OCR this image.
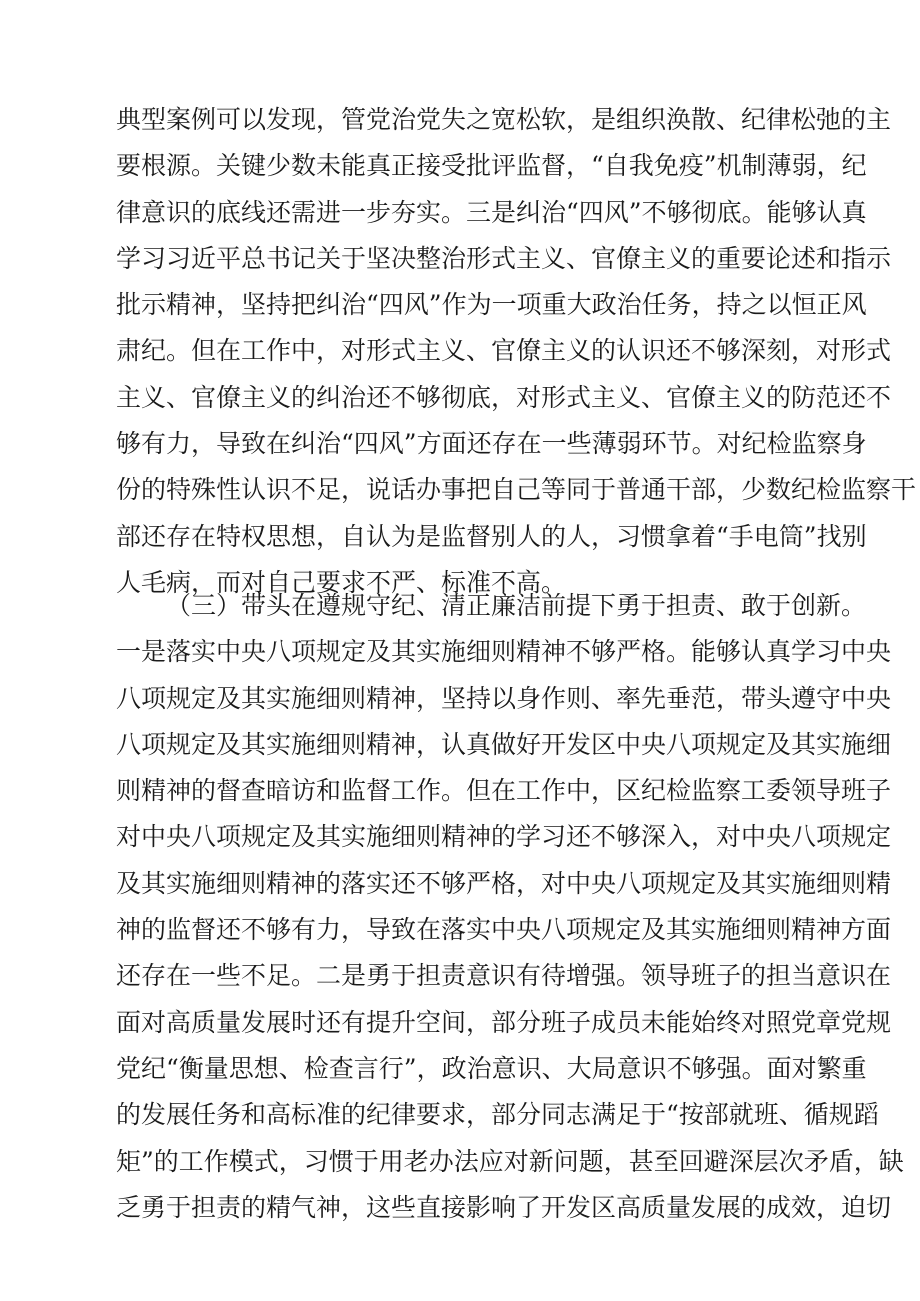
典型案例可以发现，管党治党失之宽松软，是组织涣散、纪律松弛的主
要根源。关键少数未能真正接受批评监督，“自我免疫”机制薄弱，纪
律意识的底线还需进一步夯实。三是纠治“四风”不够彻底。能够认真
学习习近平总书记关于坚决整治形式主义、官僚主义的重要论述和指示
批示精神，坚持把纠治“四风”作为一项重大政治任务，持之以恒正风
肃纪。但在工作中，对形式主义、官僚主义的认识还不够深刻，对形式
主义、官僚主义的纠治还不够彻底，对形式主义、官僚主义的防范还不
够有力，导致在纠治“四风”方面还存在一些薄弱环节。对纪检监察身
份的特殊性认识不足，说话办事把自己等同于普通干部，少数纪检监察干
部还存在特权思想，自认为是监督别人的人，习惯拿着“手电筒”找别
人毛病，而对自己要求不严、标准不高。

（三）带头在遵规守纪、清正廉洁前提下勇于担责、敢于创新。
一是落实中央八项规定及其实施细则精神不够严格。能够认真学习中央
八项规定及其实施细则精神，坚持以身作则、率先垂范，带头遵守中央
八项规定及其实施细则精神，认真做好开发区中央八项规定及其实施细
则精神的督查暗访和监督工作。但在工作中，区纪检监察工委领导班子
对中央八项规定及其实施细则精神的学习还不够深入，对中央八项规定
及其实施细则精神的落实还不够严格，对中央八项规定及其实施细则精
神的监督还不够有力，导致在落实中央八项规定及其实施细则精神方面
还存在一些不足。二是勇于担责意识有待增强。领导班子的担当意识在
面对高质量发展时还有提升空间，部分班子成员未能始终对照党章党规
党纪“衡量思想、检查言行”，政治意识、大局意识不够强。面对繁重
的发展任务和高标准的纪律要求，部分同志满足于“按部就班、循规蹈
矩”的工作模式，习惯于用老办法应对新问题，甚至回避深层次矛盾，缺
乏勇于担责的精气神，这些直接影响了开发区高质量发展的成效，迫切
